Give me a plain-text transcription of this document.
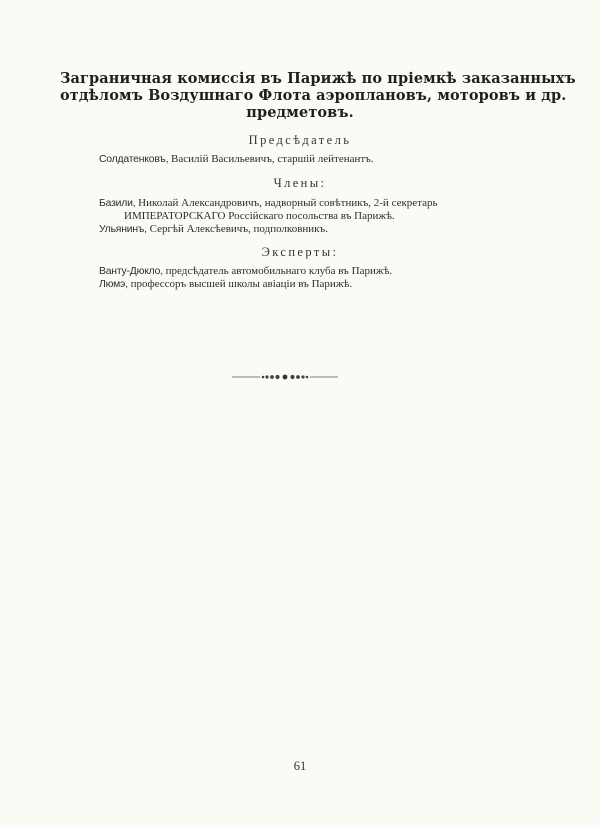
Заграничная комиссія въ Парижѣ по пріемкѣ заказанныхъ
отдѣломъ Воздушнаго Флота аэроплановъ, моторовъ и др.
предметовъ.
Предсѣдатель
Солдатенковъ, Василій Васильевичъ, старшій лейтенантъ.
Члены:
Базили, Николай Александровичъ, надворный совѣтникъ, 2-й секретарь
ИМПЕРАТОРСКАГО Россійскаго посольства въ Парижѣ.
Ульянинъ, Сергѣй Алексѣевичъ, подполковникъ.
Эксперты:
Ванту-Дюкло, предсѣдатель автомобильнаго клуба въ Парижѣ.
Люмэ, профессоръ высшей школы авіаціи въ Парижѣ.
61
